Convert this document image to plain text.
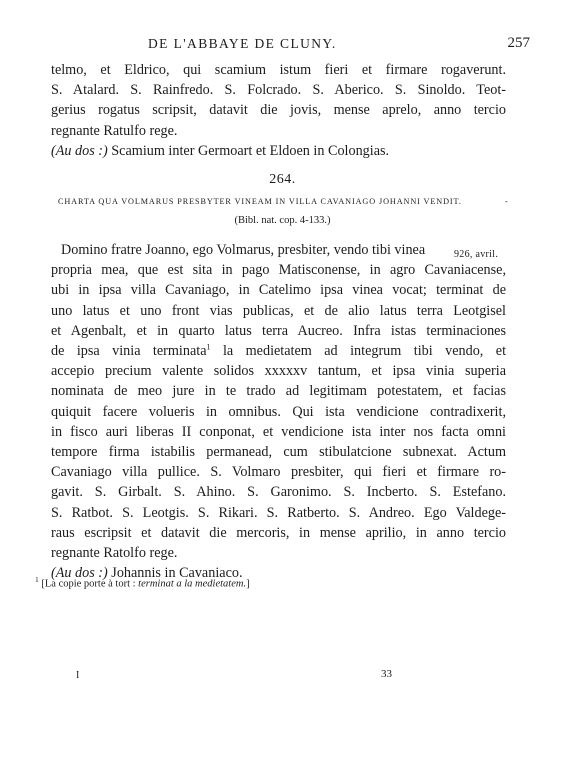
DE L'ABBAYE DE CLUNY.	257
telmo, et Eldrico, qui scamium istum fieri et firmare rogaverunt.
S. Atalard. S. Rainfredo. S. Folcrado. S. Aberico. S. Sinoldo. Teot-
gerius rogatus scripsit, datavit die jovis, mense aprelo, anno tercio
regnante Ratulfo rege.
(Au dos :) Scamium inter Germoart et Eldoen in Colongias.
264.
CHARTA QUA VOLMARUS PRESBYTER VINEAM IN VILLA CAVANIAGO JOHANNI VENDIT.	-
(Bibl. nat. cop. 4-133.)
926, avril.
Domino fratre Joanno, ego Volmarus, presbiter, vendo tibi vinea
propria mea, que est sita in pago Matisconense, in agro Cavaniacense,
ubi in ipsa villa Cavaniago, in Catelimo ipsa vinea vocat; terminat de
uno latus et uno front vias publicas, et de alio latus terra Leotgisel
et Agenbalt, et in quarto latus terra Aucreo. Infra istas terminaciones
de ipsa vinia terminata$^1$ la medietatem ad integrum tibi vendo, et
accepio precium valente solidos xxxxxv tantum, et ipsa vinia superia
nominata de meo jure in te trado ad legitimam potestatem, et facias
quiquit facere volueris in omnibus. Qui ista vendicione contradixerit,
in fisco auri liberas II conponat, et vendicione ista inter nos facta omni
tempore firma istabilis permanead, cum stibulatcione subnexat. Actum
Cavaniago villa pullice. S. Volmaro presbiter, qui fieri et firmare ro-
gavit. S. Girbalt. S. Ahino. S. Garonimo. S. Incberto. S. Estefano.
S. Ratbot. S. Leotgis. S. Rikari. S. Ratberto. S. Andreo. Ego Valdege-
raus escripsit et datavit die mercoris, in mense aprilio, in anno tercio
regnante Ratolfo rege.
(Au dos :) Johannis in Cavaniaco.
$^1$ [La copie porte à tort : terminat a la medietatem.]
I	33
